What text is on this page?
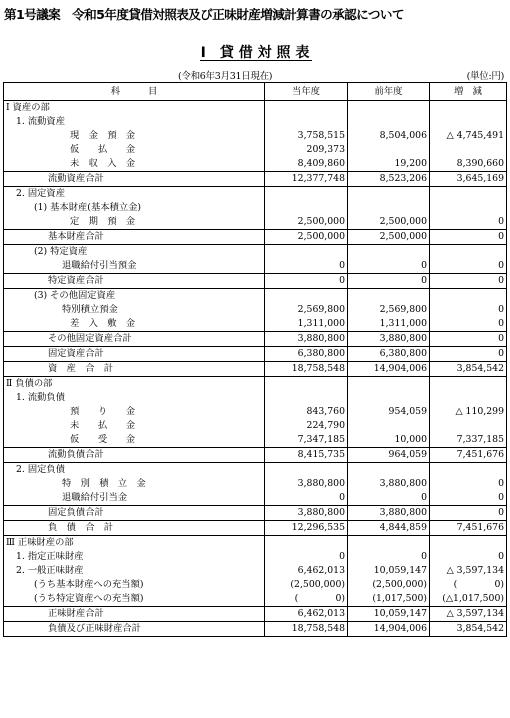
第1号議案　令和5年度貸借対照表及び正味財産増減計算書の承認について
Ⅰ　貸 借 対 照 表
(令和6年3月31日現在)	(単位:円)
科　　　目	当年度	前年度	増　減
Ⅰ 資産の部			
1. 流動資産			
現　金　預　金	3,758,515	8,504,006	△ 4,745,491
仮　　払　　金	209,373		
未　収　入　金	8,409,860	19,200	8,390,660
流動資産合計	12,377,748	8,523,206	3,645,169
2. 固定資産			
(1) 基本財産(基本積立金)			
定　期　預　金	2,500,000	2,500,000	0
基本財産合計	2,500,000	2,500,000	0
(2) 特定資産			
退職給付引当預金	0	0	0
特定資産合計	0	0	0
(3) その他固定資産			
特別積立預金	2,569,800	2,569,800	0
差　入　敷　金	1,311,000	1,311,000	0
その他固定資産合計	3,880,800	3,880,800	0
固定資産合計	6,380,800	6,380,800	0
資　産　合　計	18,758,548	14,904,006	3,854,542
Ⅱ 負債の部			
1. 流動負債			
預　　り　　金	843,760	954,059	△ 110,299
未　　払　　金	224,790		
仮　　受　　金	7,347,185	10,000	7,337,185
流動負債合計	8,415,735	964,059	7,451,676
2. 固定負債			
特　別　積　立　金	3,880,800	3,880,800	0
退職給付引当金	0	0	0
固定負債合計	3,880,800	3,880,800	0
負　債　合　計	12,296,535	4,844,859	7,451,676
Ⅲ 正味財産の部			
1. 指定正味財産	0	0	0
2. 一般正味財産	6,462,013	10,059,147	△ 3,597,134
(うち基本財産への充当額)	(2,500,000)	(2,500,000)	(　　　　0)
(うち特定資産への充当額)	(　　　　0)	(1,017,500)	(△1,017,500)
正味財産合計	6,462,013	10,059,147	△ 3,597,134
負債及び正味財産合計	18,758,548	14,904,006	3,854,542
